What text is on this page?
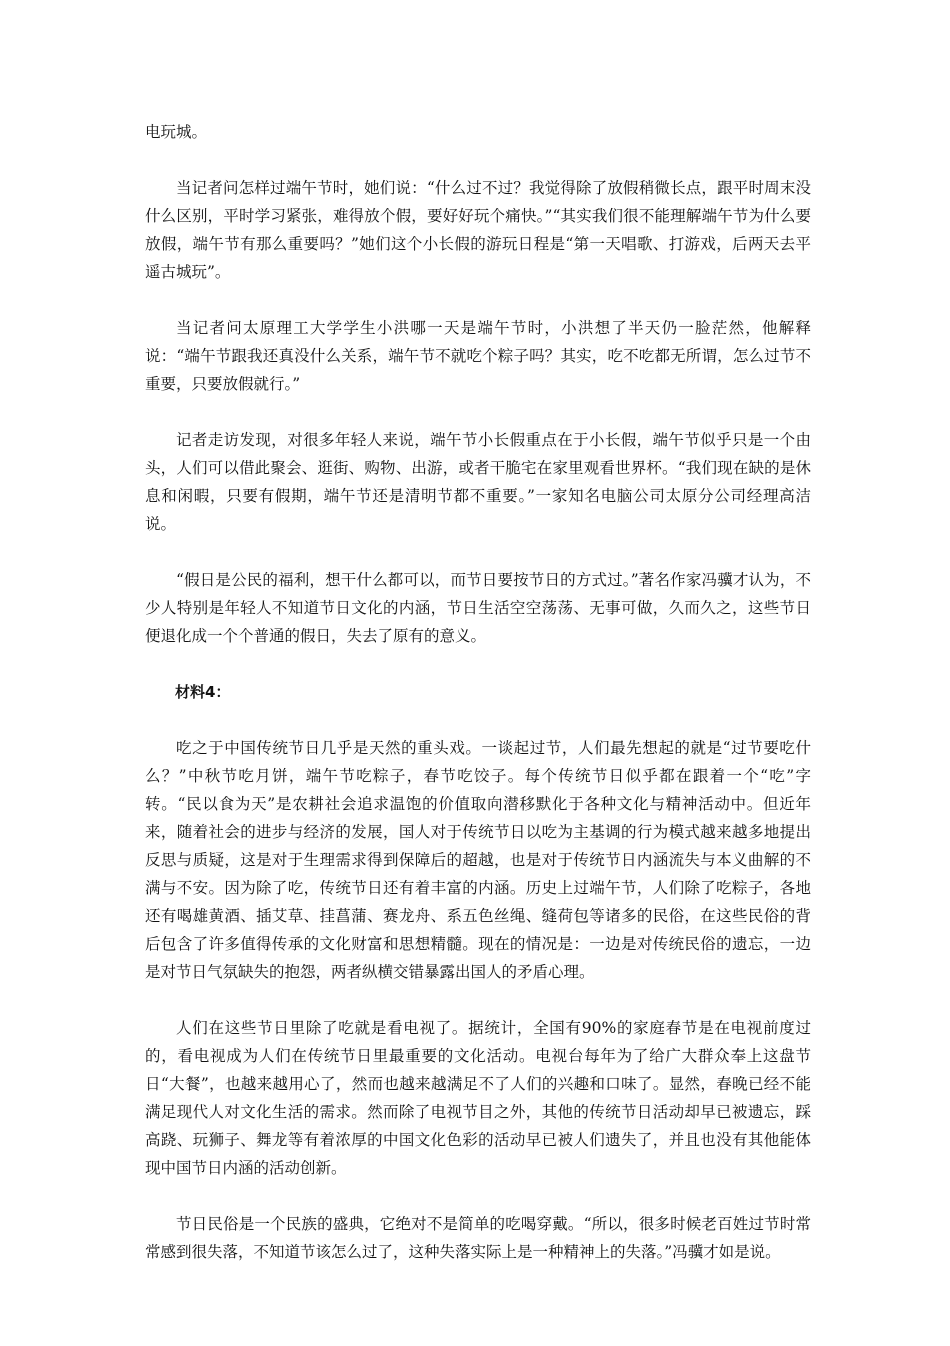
电玩城。

当记者问怎样过端午节时，她们说：“什么过不过？我觉得除了放假稍微长点，跟平时周末没什么区别，平时学习紧张，难得放个假，要好好玩个痛快。”“其实我们很不能理解端午节为什么要放假，端午节有那么重要吗？”她们这个小长假的游玩日程是“第一天唱歌、打游戏，后两天去平遥古城玩”。

当记者问太原理工大学学生小洪哪一天是端午节时，小洪想了半天仍一脸茫然，他解释说：“端午节跟我还真没什么关系，端午节不就吃个粽子吗？其实，吃不吃都无所谓，怎么过节不重要，只要放假就行。”

记者走访发现，对很多年轻人来说，端午节小长假重点在于小长假，端午节似乎只是一个由头，人们可以借此聚会、逛街、购物、出游，或者干脆宅在家里观看世界杯。“我们现在缺的是休息和闲暇，只要有假期，端午节还是清明节都不重要。”一家知名电脑公司太原分公司经理高洁说。

“假日是公民的福利，想干什么都可以，而节日要按节日的方式过。”著名作家冯骥才认为，不少人特别是年轻人不知道节日文化的内涵，节日生活空空荡荡、无事可做，久而久之，这些节日便退化成一个个普通的假日，失去了原有的意义。

材料4：

吃之于中国传统节日几乎是天然的重头戏。一谈起过节，人们最先想起的就是“过节要吃什么？”中秋节吃月饼，端午节吃粽子，春节吃饺子。每个传统节日似乎都在跟着一个“吃”字转。“民以食为天”是农耕社会追求温饱的价值取向潜移默化于各种文化与精神活动中。但近年来，随着社会的进步与经济的发展，国人对于传统节日以吃为主基调的行为模式越来越多地提出反思与质疑，这是对于生理需求得到保障后的超越，也是对于传统节日内涵流失与本义曲解的不满与不安。因为除了吃，传统节日还有着丰富的内涵。历史上过端午节，人们除了吃粽子，各地还有喝雄黄酒、插艾草、挂菖蒲、赛龙舟、系五色丝绳、缝荷包等诸多的民俗，在这些民俗的背后包含了许多值得传承的文化财富和思想精髓。现在的情况是：一边是对传统民俗的遗忘，一边是对节日气氛缺失的抱怨，两者纵横交错暴露出国人的矛盾心理。

人们在这些节日里除了吃就是看电视了。据统计，全国有90%的家庭春节是在电视前度过的，看电视成为人们在传统节日里最重要的文化活动。电视台每年为了给广大群众奉上这盘节日“大餐”，也越来越用心了，然而也越来越满足不了人们的兴趣和口味了。显然，春晚已经不能满足现代人对文化生活的需求。然而除了电视节目之外，其他的传统节日活动却早已被遗忘，踩高跷、玩狮子、舞龙等有着浓厚的中国文化色彩的活动早已被人们遗失了，并且也没有其他能体现中国节日内涵的活动创新。

节日民俗是一个民族的盛典，它绝对不是简单的吃喝穿戴。“所以，很多时候老百姓过节时常常感到很失落，不知道节该怎么过了，这种失落实际上是一种精神上的失落。”冯骥才如是说。
